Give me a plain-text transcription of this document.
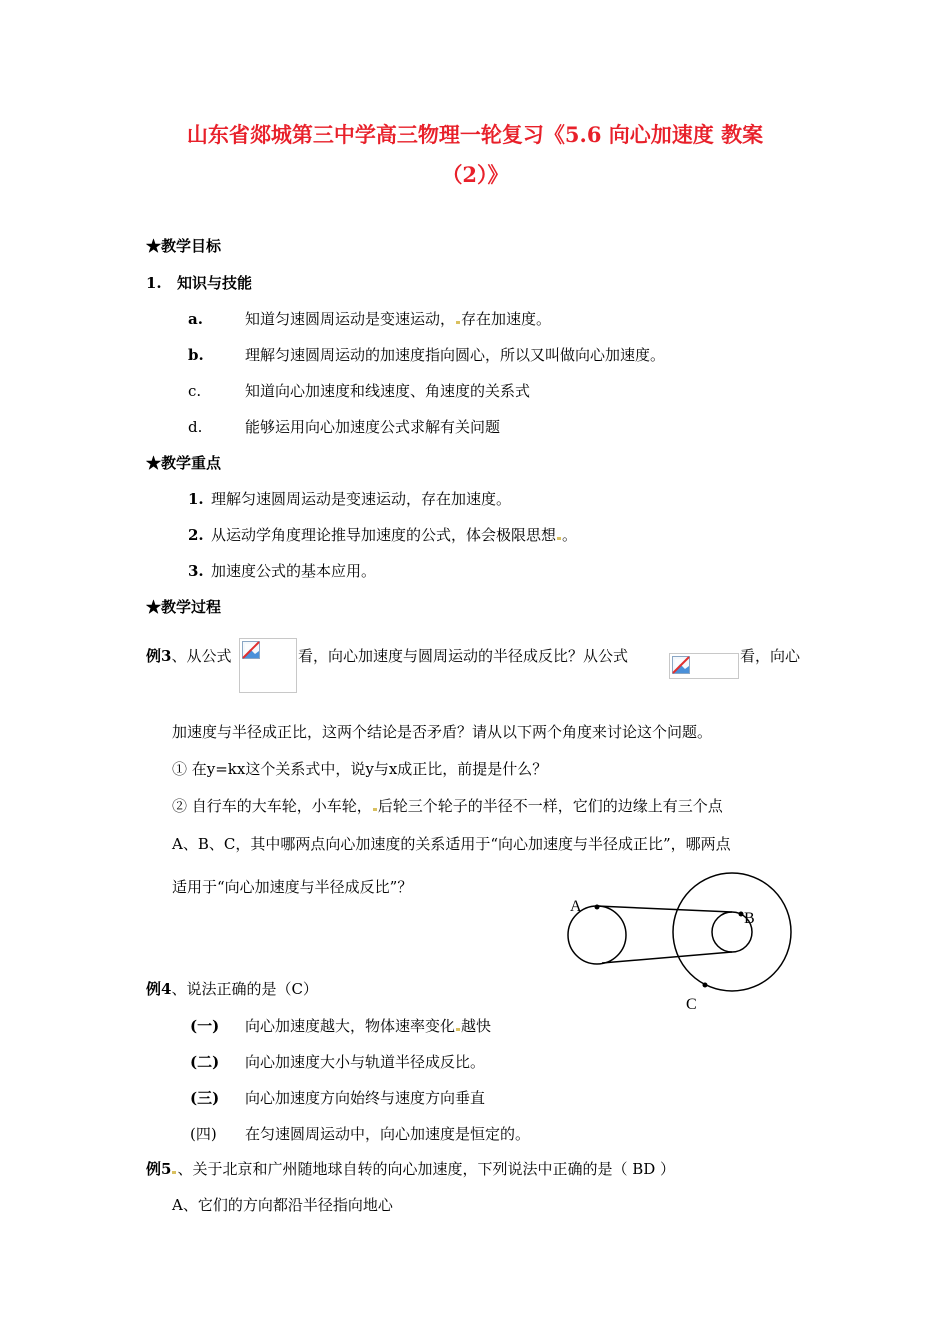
山东省郯城第三中学高三物理一轮复习《5.6 向心加速度 教案
（2）》
★教学目标
1. 知识与技能
a.	知道匀速圆周运动是变速运动， 存在加速度。
b.	理解匀速圆周运动的加速度指向圆心，所以又叫做向心加速度。
c.	知道向心加速度和线速度、角速度的关系式
d.	能够运用向心加速度公式求解有关问题
★教学重点
1. 理解匀速圆周运动是变速运动，存在加速度。
2. 从运动学角度理论推导加速度的公式，体会极限思想 。
3. 加速度公式的基本应用。
★教学过程
例3、从公式	看，向心加速度与圆周运动的半径成反比？从公式	看，向心
加速度与半径成正比，这两个结论是否矛盾？请从以下两个角度来讨论这个问题。
① 在y=kx这个关系式中，说y与x成正比，前提是什么？
② 自行车的大车轮，小车轮， 后轮三个轮子的半径不一样，它们的边缘上有三个点
A、B、C，其中哪两点向心加速度的关系适用于“向心加速度与半径成正比”，哪两点
适用于“向心加速度与半径成反比”？
A
B
C
例4、说法正确的是（C）
(一) 向心加速度越大，物体速率变化 越快
(二) 向心加速度大小与轨道半径成反比。
(三) 向心加速度方向始终与速度方向垂直
(四) 在匀速圆周运动中，向心加速度是恒定的。
例5 、关于北京和广州随地球自转的向心加速度，下列说法中正确的是（ BD ）
A、它们的方向都沿半径指向地心
